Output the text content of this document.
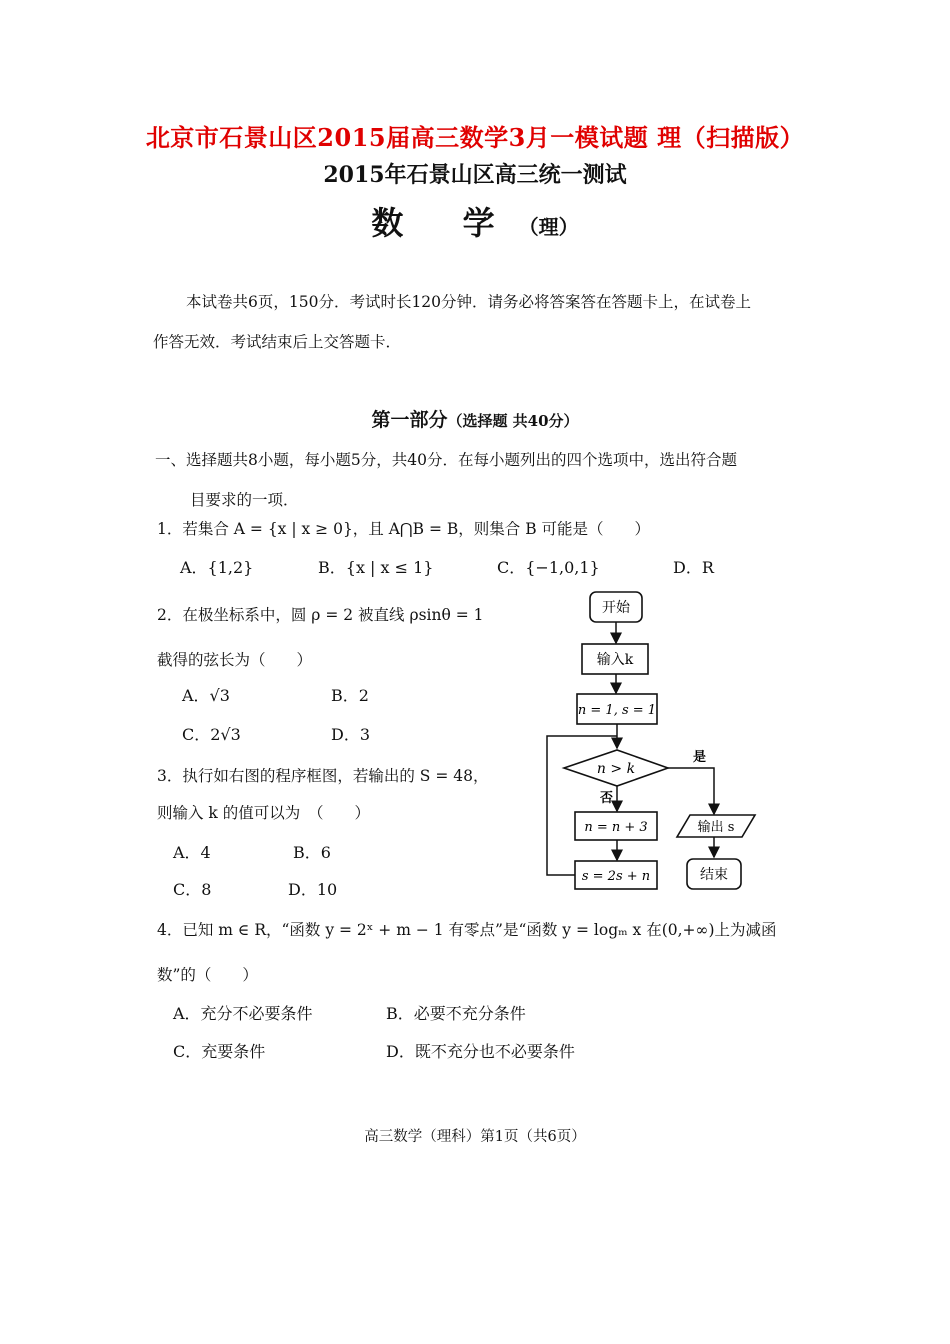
北京市石景山区2015届高三数学3月一模试题 理（扫描版）
2015年石景山区高三统一测试
数 学（理）
本试卷共6页，150分．考试时长120分钟．请务必将答案答在答题卡上，在试卷上
作答无效．考试结束后上交答题卡．
第一部分（选择题 共40分）
一、选择题共8小题，每小题5分，共40分．在每小题列出的四个选项中，选出符合题
目要求的一项．
1．若集合 A = {x | x ≥ 0}，且 A⋂B = B，则集合 B 可能是（　　）
A．{1,2}	B．{x | x ≤ 1}	C．{−1,0,1}	D．R
2．在极坐标系中，圆 ρ = 2 被直线 ρsinθ = 1
截得的弦长为（　　）
A．√3	B．2
C．2√3	D．3
3．执行如右图的程序框图，若输出的 S = 48，
则输入 k 的值可以为　（　　）
A．4	B．6
C．8	D．10
开始
输入k
n = 1, s = 1
n > k
是
否
n = n + 3
s = 2s + n
输出 s
结束
4．已知 m ∈ R，“函数 y = 2ˣ + m − 1 有零点”是“函数 y = logₘ x 在(0,+∞)上为减函
数”的（　　）
A．充分不必要条件	B．必要不充分条件
C．充要条件	D．既不充分也不必要条件
高三数学（理科）第1页（共6页）
